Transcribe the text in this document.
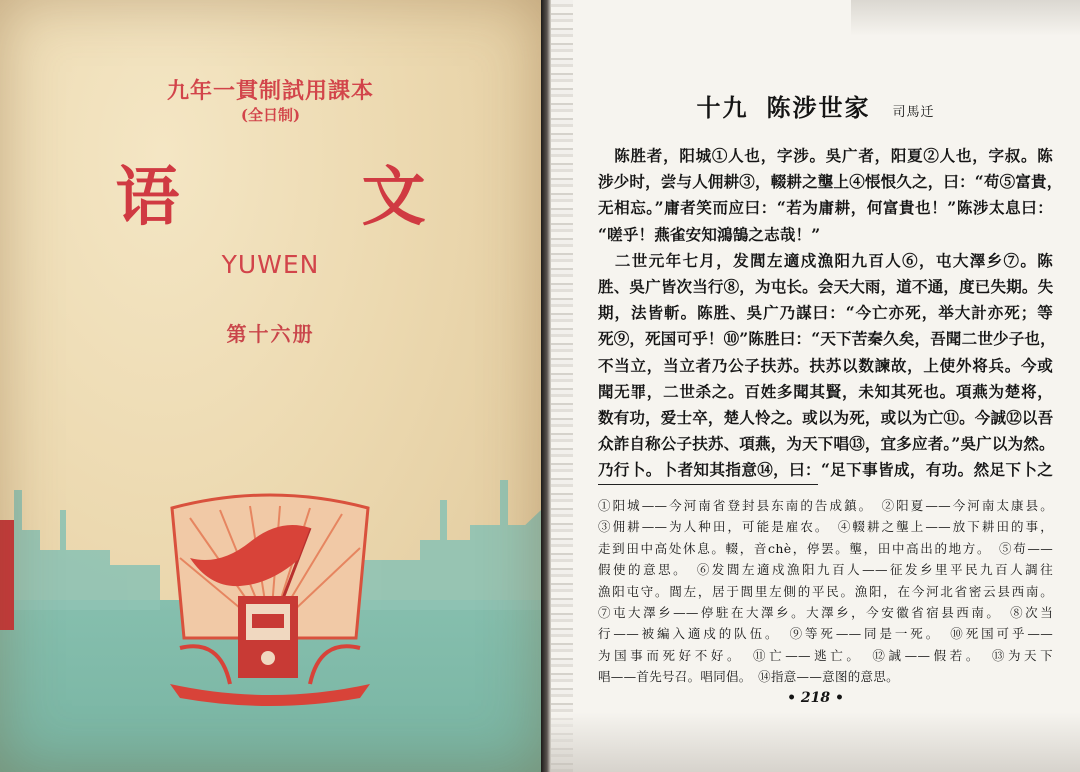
九年一貫制試用課本
(全日制)
语 文
YUWEN
第十六册
十九 陈涉世家 司馬迁
　陈胜者，阳城①人也，字涉。吳广者，阳夏②人也，字叔。陈
涉少时，尝与人佣耕③，輟耕之壟上④悵恨久之，曰：“苟⑤富貴，
无相忘。”庸者笑而应曰：“若为庸耕，何富貴也！”陈涉太息曰：
“嗟乎！燕雀安知鴻鵠之志哉！”
　二世元年七月，发閭左適戍漁阳九百人⑥，屯大澤乡⑦。陈
胜、吳广皆次当行⑧，为屯长。会天大雨，道不通，度已失期。失
期，法皆斬。陈胜、吳广乃謀曰：“今亡亦死，举大計亦死；等
死⑨，死国可乎！⑩”陈胜曰：“天下苦秦久矣，吾聞二世少子也，
不当立，当立者乃公子扶苏。扶苏以数諫故，上使外将兵。今或
聞无罪，二世杀之。百姓多聞其賢，未知其死也。項燕为楚将，
数有功，爱士卒，楚人怜之。或以为死，或以为亡⑪。今誠⑫以吾
众詐自称公子扶苏、項燕，为天下唱⑬，宜多应者。”吳广以为然。
乃行卜。卜者知其指意⑭，曰：“足下事皆成，有功。然足下卜之
①阳城——今河南省登封县东南的告成鎮。　②阳夏——今河南太康县。
③佣耕——为人种田，可能是雇农。　④輟耕之壟上——放下耕田的事，
走到田中高处休息。輟，音chè，停罢。壟，田中高出的地方。　⑤苟——
假使的意思。　⑥发閭左適戍漁阳九百人——征发乡里平民九百人調往
漁阳屯守。閭左，居于閭里左側的平民。漁阳，在今河北省密云县西南。
⑦屯大澤乡——停駐在大澤乡。大澤乡，今安徽省宿县西南。　⑧次当
行——被編入適戍的队伍。　⑨等死——同是一死。　⑩死国可乎——
为国事而死好不好。　⑪亡——逃亡。　⑫誠——假若。　⑬为天下
唱——首先号召。唱同倡。　⑭指意——意图的意思。
• 218 •
